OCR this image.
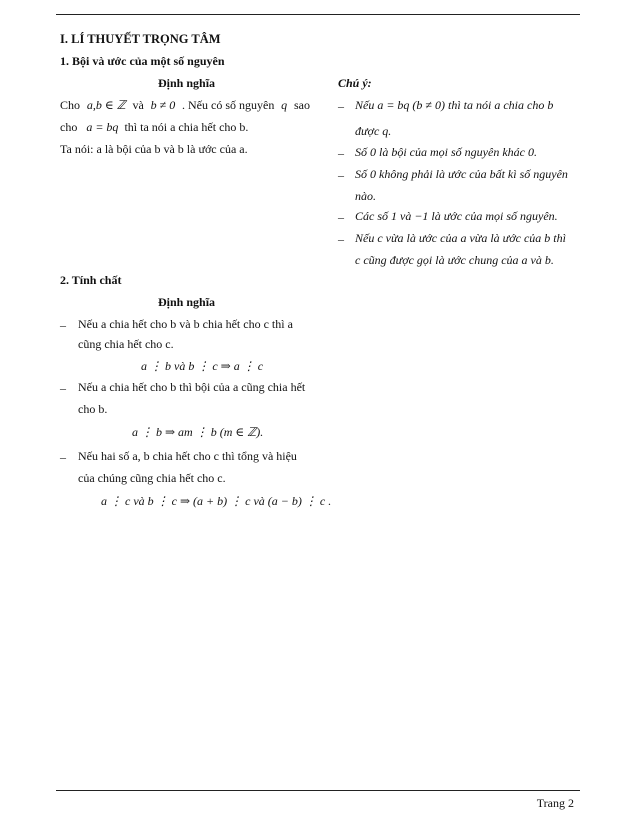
I. LÍ THUYẾT TRỌNG TÂM
1. Bội và ước của một số nguyên
Định nghĩa
Cho a,b ∈ ℤ và b ≠ 0 . Nếu có số nguyên q sao
cho a = bq thì ta nói a chia hết cho b.
Ta nói: a là bội của b và b là ước của a.
Chú ý:
– Nếu a = bq (b ≠ 0) thì ta nói a chia cho b
được q.
– Số 0 là bội của mọi số nguyên khác 0.
– Số 0 không phải là ước của bất kì số nguyên
nào.
– Các số 1 và −1 là ước của mọi số nguyên.
– Nếu c vừa là ước của a vừa là ước của b thì
c cũng được gọi là ước chung của a và b.
2. Tính chất
Định nghĩa
– Nếu a chia hết cho b và b chia hết cho c thì a
cũng chia hết cho c.
a ⋮ b và b ⋮ c ⇒ a ⋮ c
– Nếu a chia hết cho b thì bội của a cũng chia hết
cho b.
a ⋮ b ⇒ am ⋮ b (m ∈ ℤ).
– Nếu hai số a, b chia hết cho c thì tổng và hiệu
của chúng cũng chia hết cho c.
a ⋮ c và b ⋮ c ⇒ (a + b) ⋮ c và (a − b) ⋮ c .
Trang 2
